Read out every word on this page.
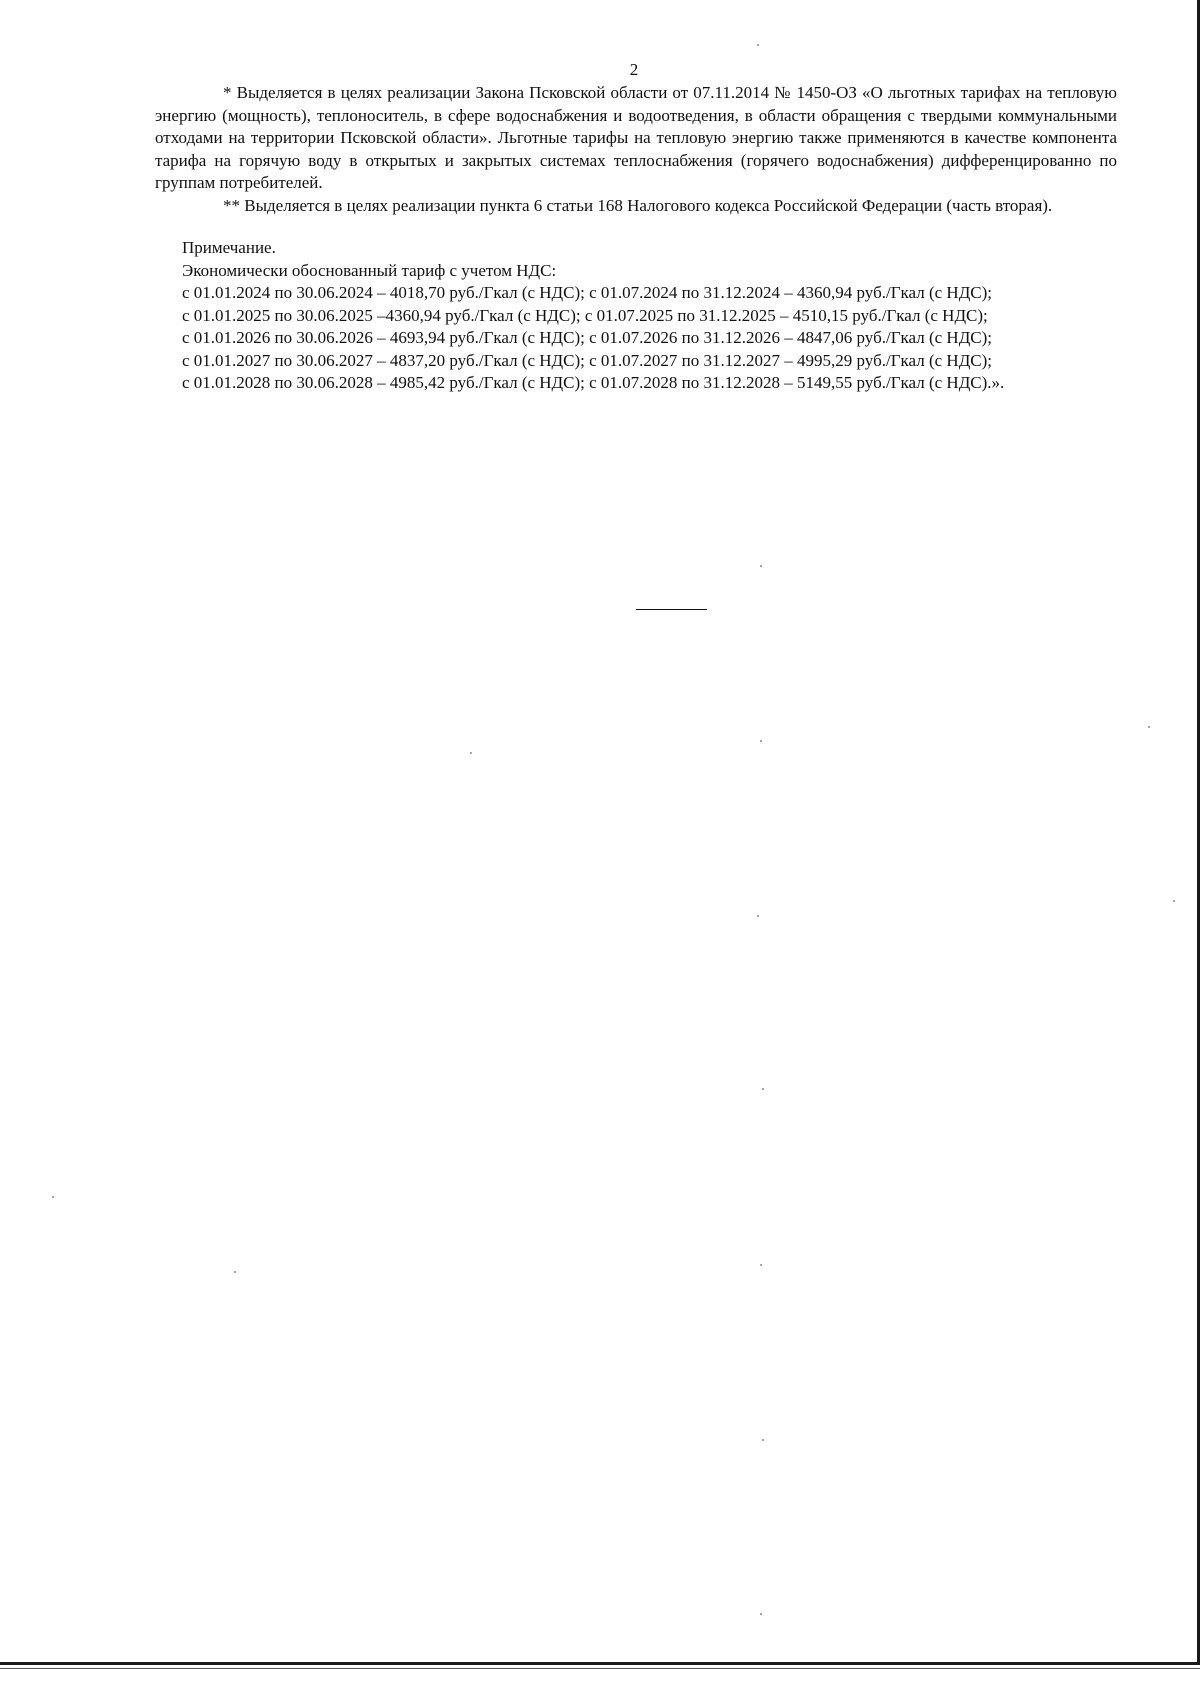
2

* Выделяется в целях реализации Закона Псковской области от 07.11.2014 № 1450-ОЗ «О льготных тарифах на тепловую энергию (мощность), теплоноситель, в сфере водоснабжения и водоотведения, в области обращения с твердыми коммунальными отходами на территории Псковской области». Льготные тарифы на тепловую энергию также применяются в качестве компонента тарифа на горячую воду в открытых и закрытых системах теплоснабжения (горячего водоснабжения) дифференцированно по группам потребителей.

** Выделяется в целях реализации пункта 6 статьи 168 Налогового кодекса Российской Федерации (часть вторая).

Примечание.

Экономически обоснованный тариф с учетом НДС:

с 01.01.2024 по 30.06.2024 – 4018,70 руб./Гкал (с НДС); с 01.07.2024 по 31.12.2024 – 4360,94 руб./Гкал (с НДС);

с 01.01.2025 по 30.06.2025 –4360,94 руб./Гкал (с НДС); с 01.07.2025 по 31.12.2025 – 4510,15 руб./Гкал (с НДС);

с 01.01.2026 по 30.06.2026 – 4693,94 руб./Гкал (с НДС); с 01.07.2026 по 31.12.2026 – 4847,06 руб./Гкал (с НДС);

с 01.01.2027 по 30.06.2027 – 4837,20 руб./Гкал (с НДС); с 01.07.2027 по 31.12.2027 – 4995,29 руб./Гкал (с НДС);

с 01.01.2028 по 30.06.2028 – 4985,42 руб./Гкал (с НДС); с 01.07.2028 по 31.12.2028 – 5149,55 руб./Гкал (с НДС).».
